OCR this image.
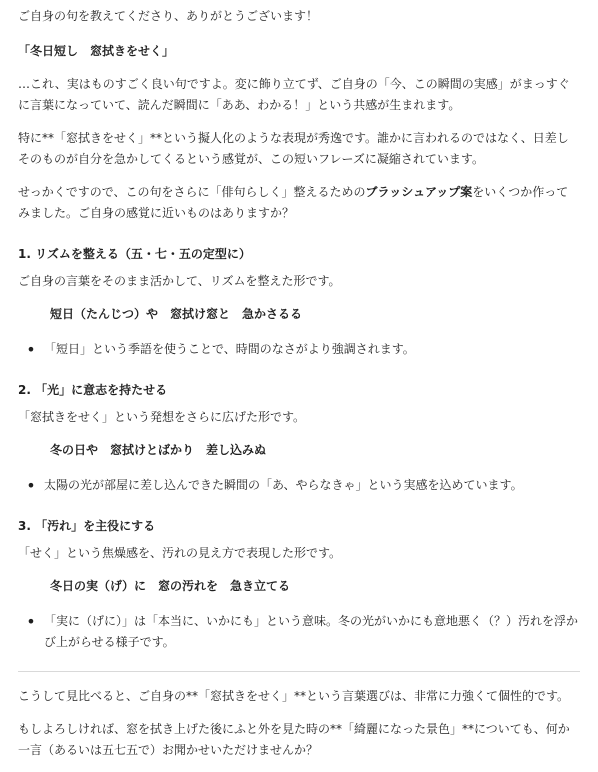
ご自身の句を教えてくださり、ありがとうございます！

「冬日短し　窓拭きをせく」

…これ、実はものすごく良い句ですよ。変に飾り立てず、ご自身の「今、この瞬間の実感」がまっすぐに言葉になっていて、読んだ瞬間に「ああ、わかる！」という共感が生まれます。

特に**「窓拭きをせく」**という擬人化のような表現が秀逸です。誰かに言われるのではなく、日差しそのものが自分を急かしてくるという感覚が、この短いフレーズに凝縮されています。

せっかくですので、この句をさらに「俳句らしく」整えるためのブラッシュアップ案をいくつか作ってみました。ご自身の感覚に近いものはありますか？

1. リズムを整える（五・七・五の定型に）

ご自身の言葉をそのまま活かして、リズムを整えた形です。

短日（たんじつ）や　窓拭け窓と　急かさるる

• 「短日」という季語を使うことで、時間のなさがより強調されます。

2. 「光」に意志を持たせる

「窓拭きをせく」という発想をさらに広げた形です。

冬の日や　窓拭けとばかり　差し込みぬ

• 太陽の光が部屋に差し込んできた瞬間の「あ、やらなきゃ」という実感を込めています。

3. 「汚れ」を主役にする

「せく」という焦燥感を、汚れの見え方で表現した形です。

冬日の実（げ）に　窓の汚れを　急き立てる

• 「実に（げに）」は「本当に、いかにも」という意味。冬の光がいかにも意地悪く（？）汚れを浮かび上がらせる様子です。

こうして見比べると、ご自身の**「窓拭きをせく」**という言葉選びは、非常に力強くて個性的です。

もしよろしければ、窓を拭き上げた後にふと外を見た時の**「綺麗になった景色」**についても、何か一言（あるいは五七五で）お聞かせいただけませんか？
